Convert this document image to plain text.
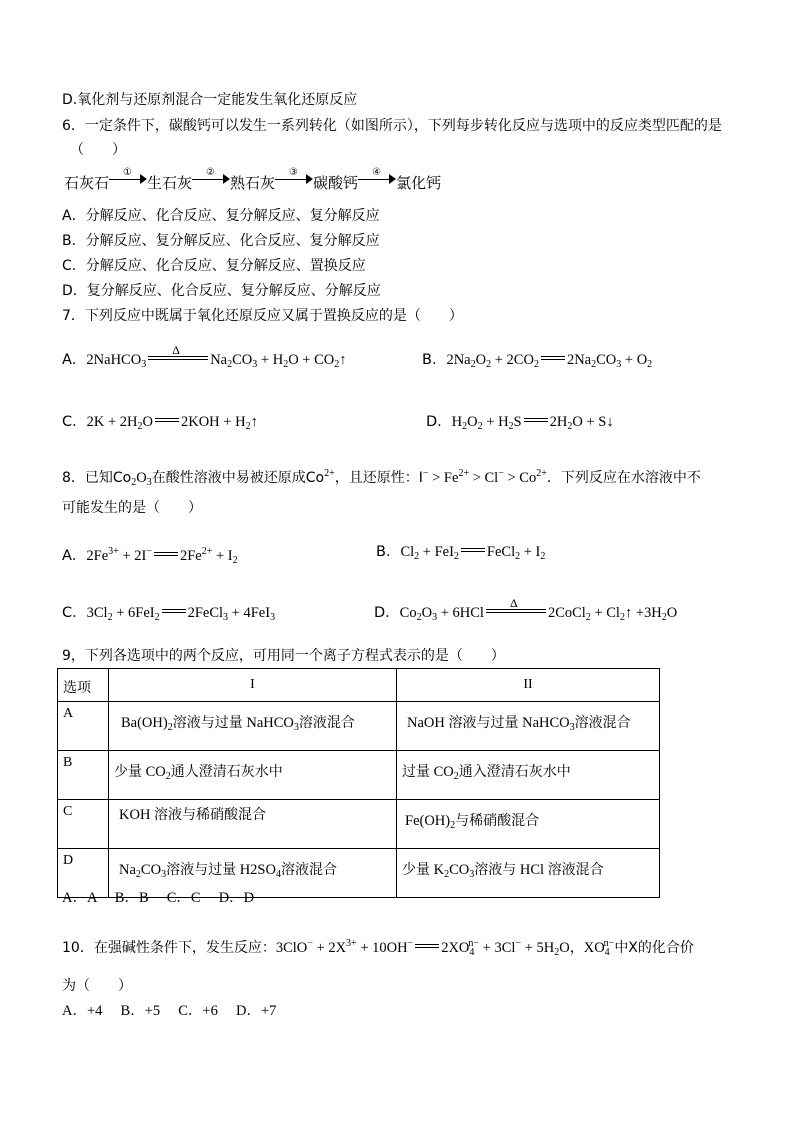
D.氧化剂与还原剂混合一定能发生氧化还原反应
6．一定条件下，碳酸钙可以发生一系列转化（如图所示），下列每步转化反应与选项中的反应类型匹配的是
（　　）
石灰石
①
生石灰
②
熟石灰
③
碳酸钙
④
氯化钙
A．分解反应、化合反应、复分解反应、复分解反应
B．分解反应、复分解反应、化合反应、复分解反应
C．分解反应、化合反应、复分解反应、置换反应
D．复分解反应、化合反应、复分解反应、分解反应
7．下列反应中既属于氧化还原反应又属于置换反应的是（　　）
A．2NaHCO$_3$
Δ
$Na_2CO_3 + H_2O$ + $CO_2↑$	B．$2Na_2O_2 + 2CO_2$ $2Na_2CO_3 + O_2$
C．$2K + 2H_2O$ $2KOH + H_2↑$	D．$H_2O_2 + H_2S$ $2H_2O$ + S↓
8．已知$Co_2O_3$在酸性溶液中易被还原成$Co^{2+}$，且还原性：$I^- > Fe^{2+} > Cl^- > Co^{2+}$．下列反应在水溶液中不
可能发生的是（　　）
A．$2Fe^{3+} + 2I^-$ $2Fe^{2+} + I_2$
B．$Cl_2 + FeI_2$ FeCl$_2$ + $I_2$
C．$3Cl_2 + 6FeI_2$ 2FeCl$_3$ + 4FeI$_3$	D．$Co_2O_3 + 6HCl$
Δ
2CoCl$_2$ + $Cl_2↑ +3H_2O$
9，下列各选项中的两个反应，可用同一个离子方程式表示的是（　　）
选项	I	II
A	$Ba(OH)_2$溶液与过量 NaHCO$_3$溶液混合	NaOH 溶液与过量 NaHCO$_3$溶液混合

B	少量 $CO_2$通人澄清石灰水中	过量 $CO_2$通入澄清石灰水中

C	KOH 溶液与稀硝酸混合	$Fe(OH)_2$与稀硝酸混合

D	$Na_2CO_3$溶液与过量 $H2SO_4$溶液混合	少量 $K_2CO_3$溶液与 HCl 溶液混合
A．A　 B．B　 C．C　 D．D
10．在强碱性条件下，发生反应：$3ClO^- + 2X^{3+} + 10OH^-$ $2XO_4^{n-} + 3Cl^- + 5H_2O$，$XO_4^{n-}$中X的化合价
为（　　）
A．+4　 B．+5　 C．+6　 D．+7
